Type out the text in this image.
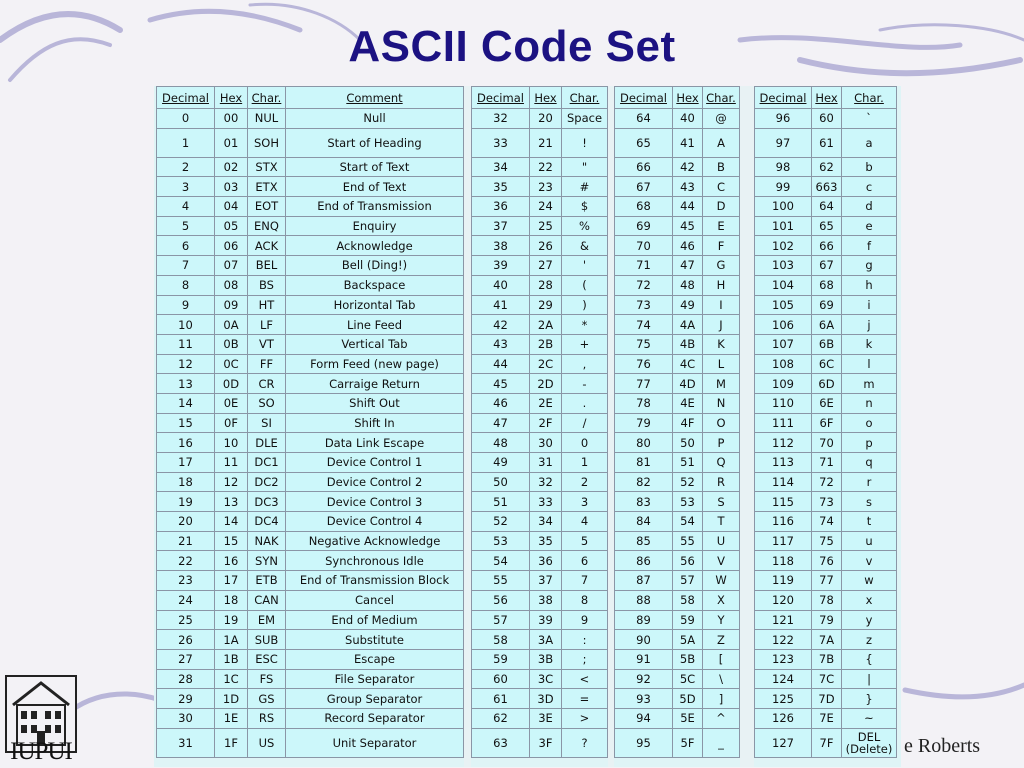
ASCII Code Set
Decimal	Hex	Char.	Comment
0	00	NUL	Null
1	01	SOH	Start of Heading
2	02	STX	Start of Text
3	03	ETX	End of Text
4	04	EOT	End of Transmission
5	05	ENQ	Enquiry
6	06	ACK	Acknowledge
7	07	BEL	Bell (Ding!)
8	08	BS	Backspace
9	09	HT	Horizontal Tab
10	0A	LF	Line Feed
11	0B	VT	Vertical Tab
12	0C	FF	Form Feed (new page)
13	0D	CR	Carraige Return
14	0E	SO	Shift Out
15	0F	SI	Shift In
16	10	DLE	Data Link Escape
17	11	DC1	Device Control 1
18	12	DC2	Device Control 2
19	13	DC3	Device Control 3
20	14	DC4	Device Control 4
21	15	NAK	Negative Acknowledge
22	16	SYN	Synchronous Idle
23	17	ETB	End of Transmission Block
24	18	CAN	Cancel
25	19	EM	End of Medium
26	1A	SUB	Substitute
27	1B	ESC	Escape
28	1C	FS	File Separator
29	1D	GS	Group Separator
30	1E	RS	Record Separator
31	1F	US	Unit Separator
Decimal	Hex	Char.
32	20	Space
33	21	!
34	22	"
35	23	#
36	24	$
37	25	%
38	26	&
39	27	'
40	28	(
41	29	)
42	2A	*
43	2B	+
44	2C	,
45	2D	-
46	2E	.
47	2F	/
48	30	0
49	31	1
50	32	2
51	33	3
52	34	4
53	35	5
54	36	6
55	37	7
56	38	8
57	39	9
58	3A	:
59	3B	;
60	3C	<
61	3D	=
62	3E	>
63	3F	?
Decimal	Hex	Char.
64	40	@
65	41	A
66	42	B
67	43	C
68	44	D
69	45	E
70	46	F
71	47	G
72	48	H
73	49	I
74	4A	J
75	4B	K
76	4C	L
77	4D	M
78	4E	N
79	4F	O
80	50	P
81	51	Q
82	52	R
83	53	S
84	54	T
85	55	U
86	56	V
87	57	W
88	58	X
89	59	Y
90	5A	Z
91	5B	[
92	5C	\
93	5D	]
94	5E	^
95	5F	_
Decimal	Hex	Char.
96	60	`
97	61	a
98	62	b
99	663	c
100	64	d
101	65	e
102	66	f
103	67	g
104	68	h
105	69	i
106	6A	j
107	6B	k
108	6C	l
109	6D	m
110	6E	n
111	6F	o
112	70	p
113	71	q
114	72	r
115	73	s
116	74	t
117	75	u
118	76	v
119	77	w
120	78	x
121	79	y
122	7A	z
123	7B	{
124	7C	|
125	7D	}
126	7E	~
127	7F	DEL
(Delete)
IUPUI	e Roberts
